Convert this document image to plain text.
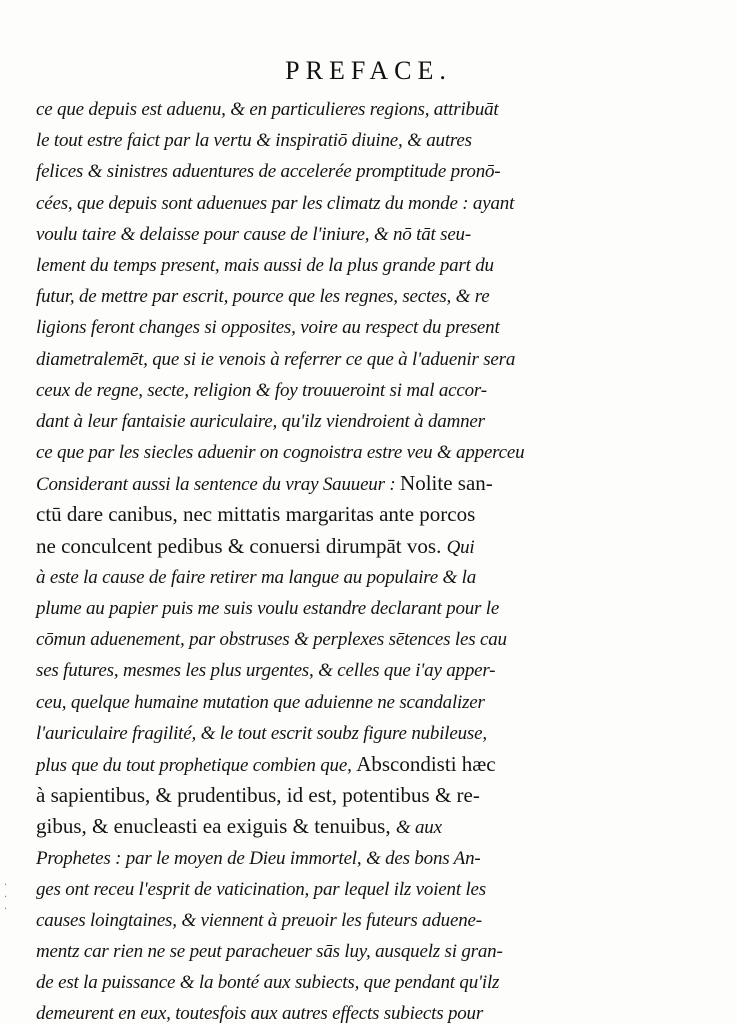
PREFACE.
ce que depuis est aduenu, & en particulieres regions, attribuāt
le tout estre faict par la vertu & inspiratiō diuine, & autres
felices & sinistres aduentures de accelerée promptitude pronō-
cées, que depuis sont aduenues par les climatz du monde : ayant
voulu taire & delaisse pour cause de l'iniure, & nō tāt seu-
lement du temps present, mais aussi de la plus grande part du
futur, de mettre par escrit, pource que les regnes, sectes, & re
ligions feront changes si opposites, voire au respect du present
diametralemēt, que si ie venois à referrer ce que à l'aduenir sera
ceux de regne, secte, religion & foy trouueroint si mal accor-
dant à leur fantaisie auriculaire, qu'ilz viendroient à damner
ce que par les siecles aduenir on cognoistra estre veu & apperceu
Considerant aussi la sentence du vray Sauueur : Nolite san-
ctū dare canibus, nec mittatis margaritas ante porcos
ne conculcent pedibus & conuersi dirumpāt vos. Qui
à este la cause de faire retirer ma langue au populaire & la
plume au papier puis me suis voulu estandre declarant pour le
cōmun aduenement, par obstruses & perplexes sētences les cau
ses futures, mesmes les plus urgentes, & celles que i'ay apper-
ceu, quelque humaine mutation que aduienne ne scandalizer
l'auriculaire fragilité, & le tout escrit soubz figure nubileuse,
plus que du tout prophetique combien que, Abscondisti hæc
à sapientibus, & prudentibus, id est, potentibus & re-
gibus, & enucleasti ea exiguis & tenuibus, & aux
Prophetes : par le moyen de Dieu immortel, & des bons An-
ges ont receu l'esprit de vaticination, par lequel ilz voient les
causes loingtaines, & viennent à preuoir les futeurs aduene-
mentz car rien ne se peut paracheuer sās luy, ausquelz si gran-
de est la puissance & la bonté aux subiects, que pendant qu'ilz
demeurent en eux, toutesfois aux autres effects subiects pour
·
·
·
